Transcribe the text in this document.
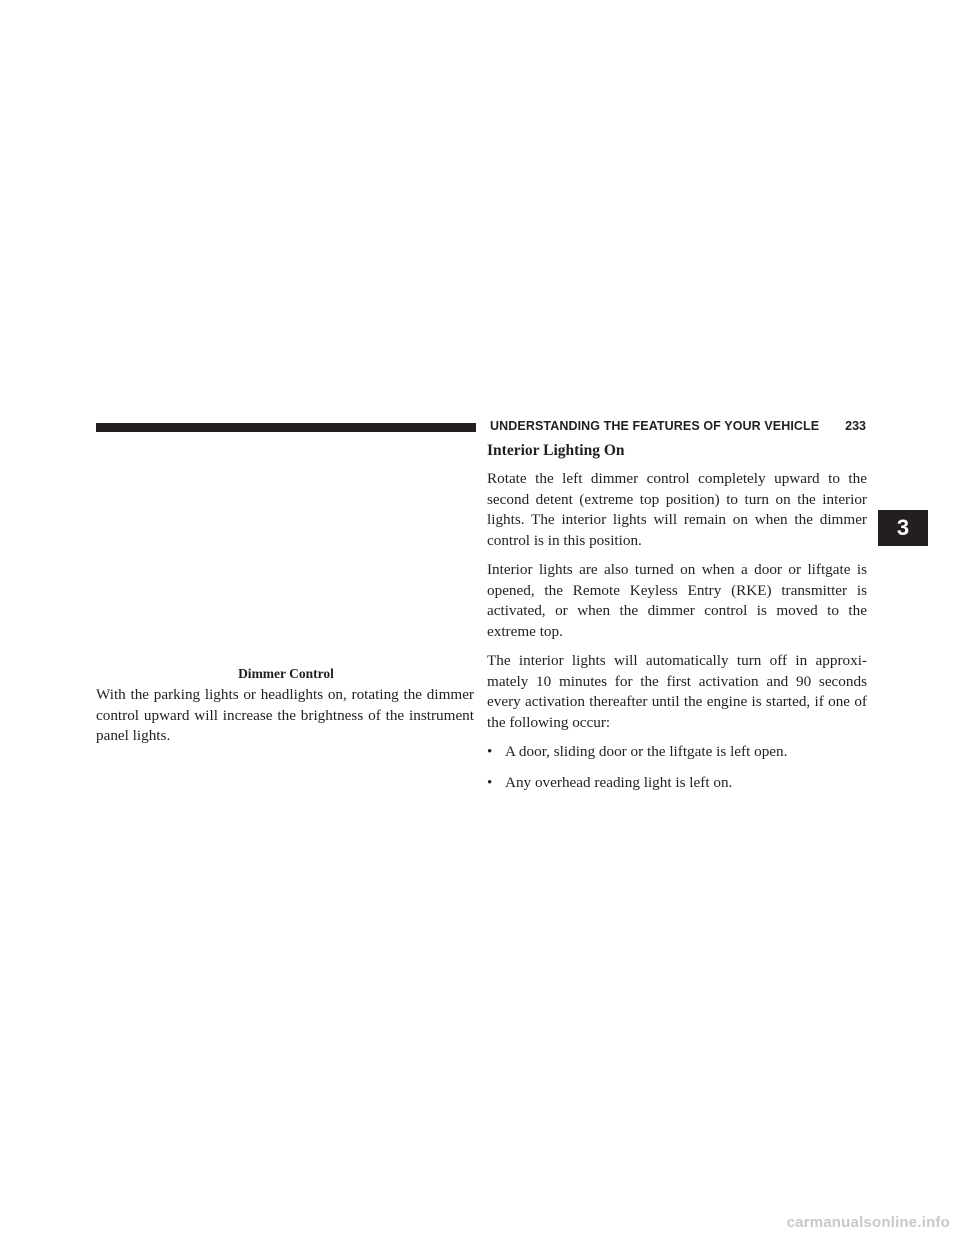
UNDERSTANDING THE FEATURES OF YOUR VEHICLE	233
3
Dimmer Control

With the parking lights or headlights on, rotating the dimmer control upward will increase the brightness of the instrument panel lights.

Interior Lighting On

Rotate the left dimmer control completely upward to the second detent (extreme top position) to turn on the interior lights. The interior lights will remain on when the dimmer control is in this position.

Interior lights are also turned on when a door or liftgate is opened, the Remote Keyless Entry (RKE) transmitter is activated, or when the dimmer control is moved to the extreme top.

The interior lights will automatically turn off in approxi-mately 10 minutes for the first activation and 90 seconds every activation thereafter until the engine is started, if one of the following occur:

• A door, sliding door or the liftgate is left open.
• Any overhead reading light is left on.
carmanualsonline.info
